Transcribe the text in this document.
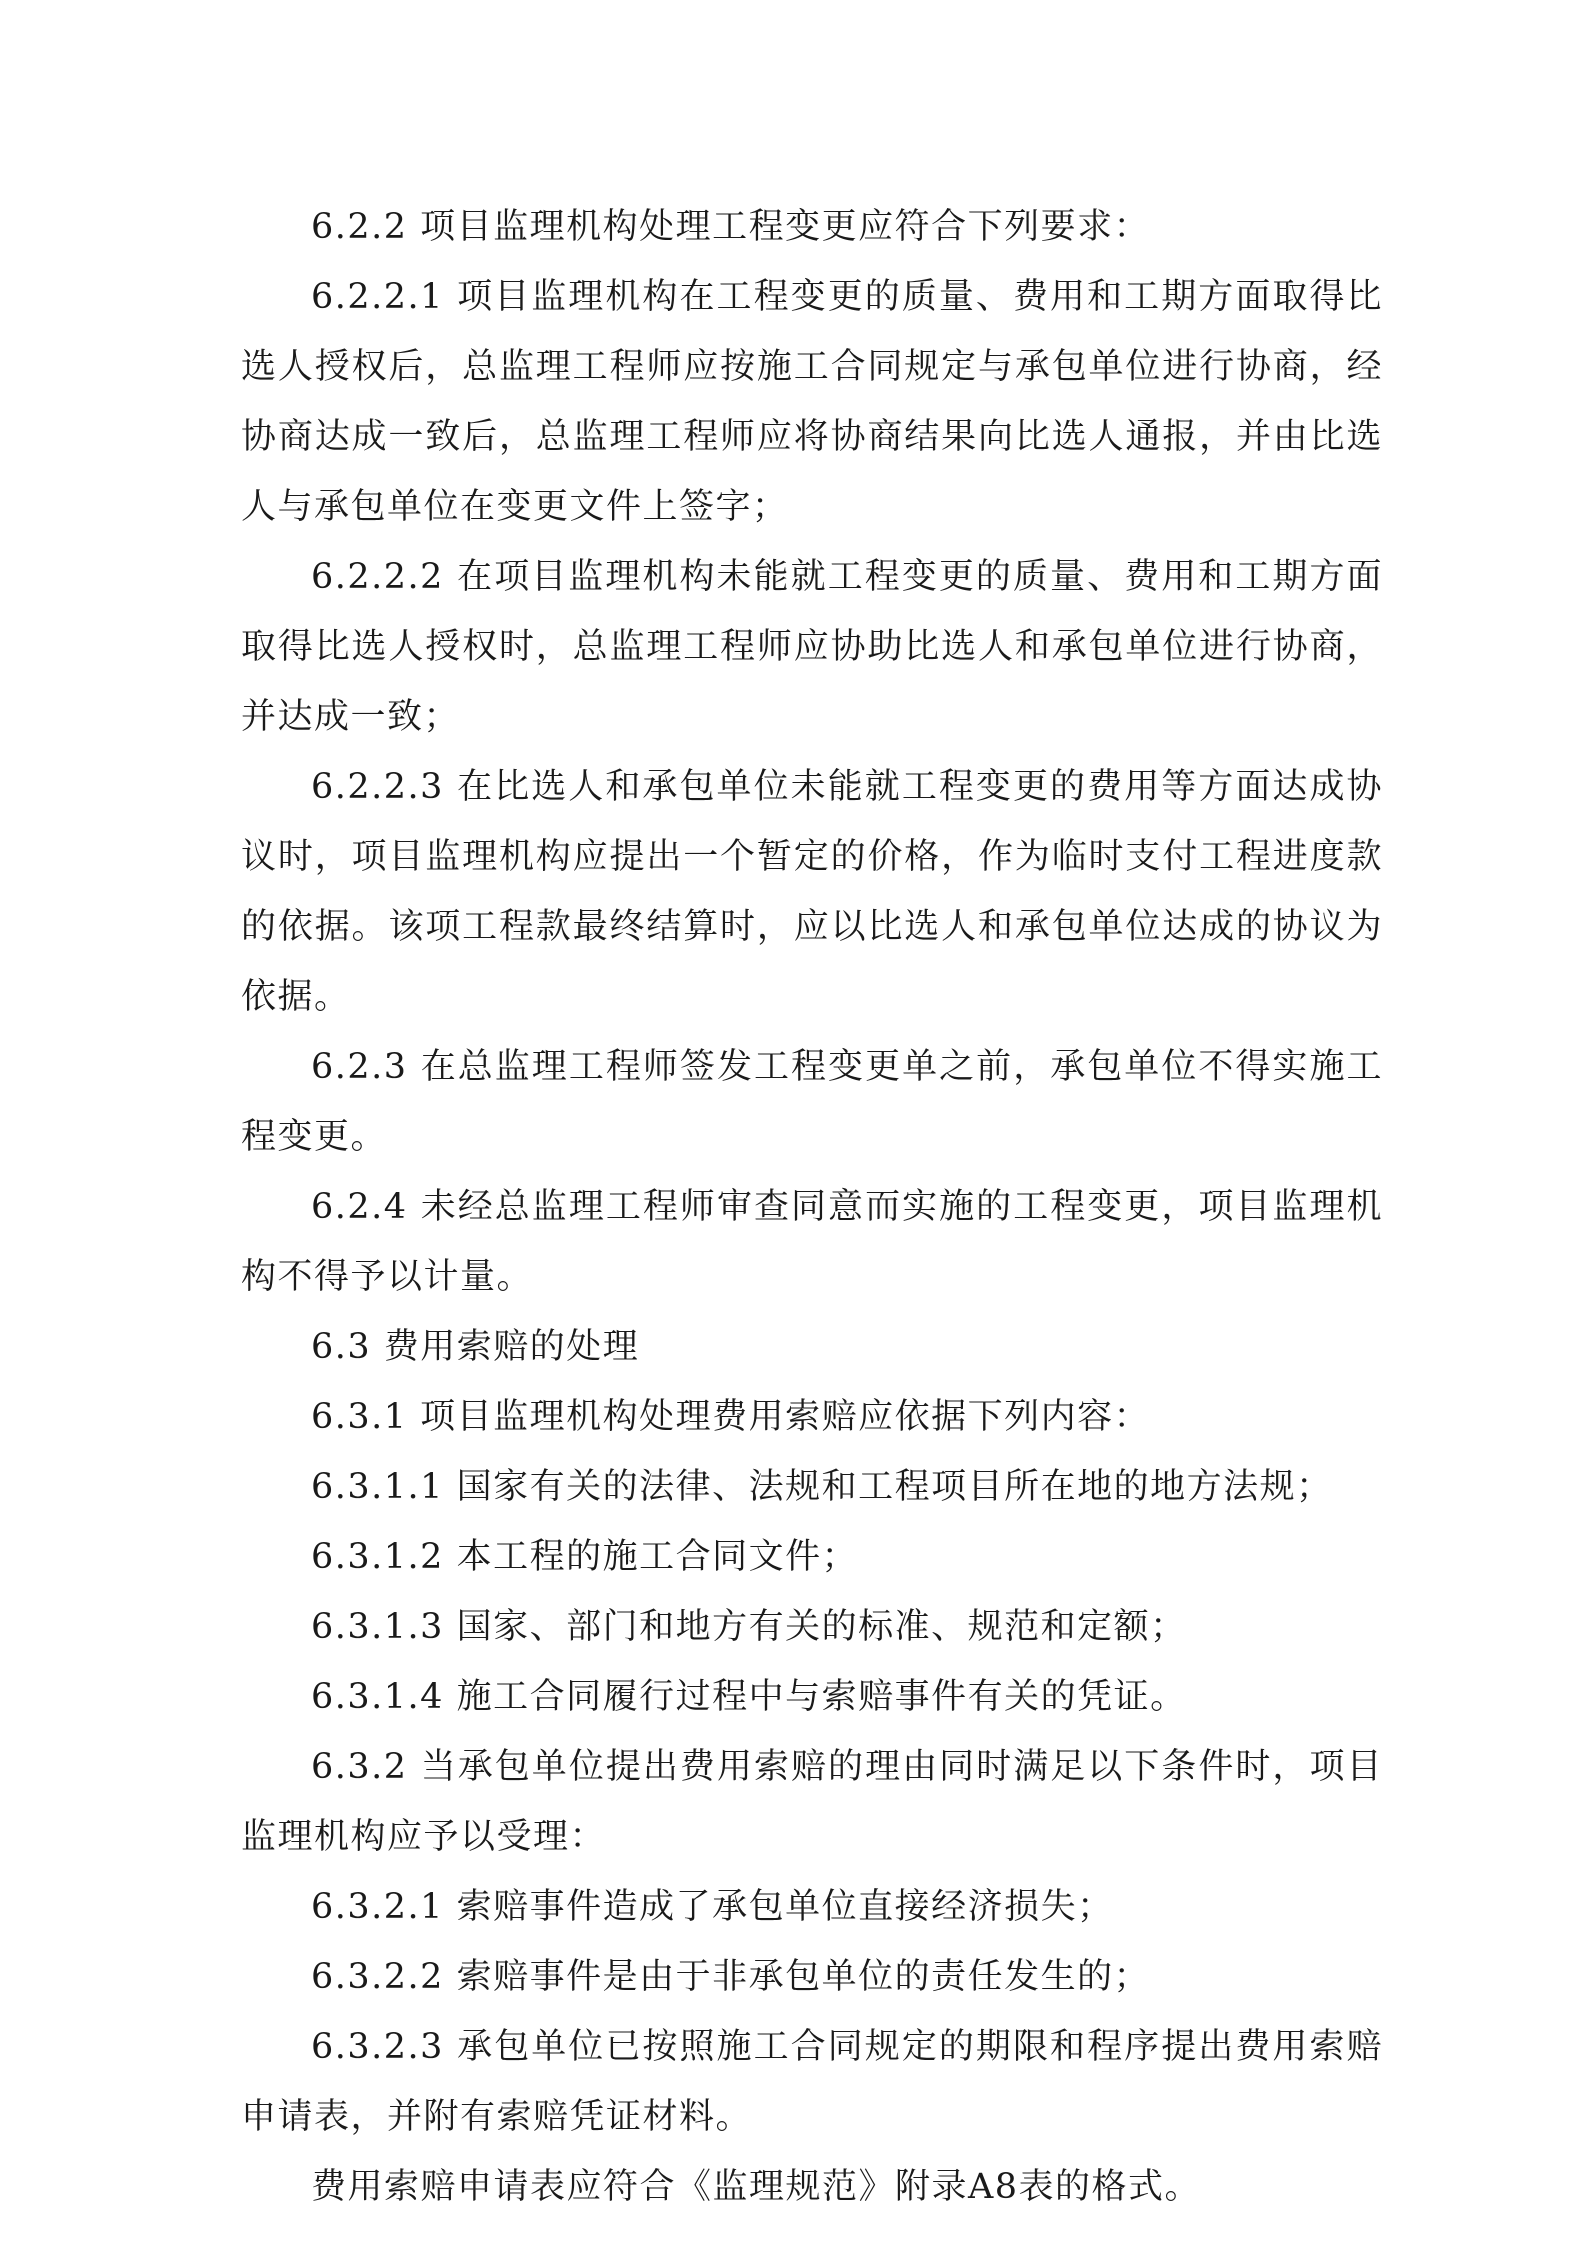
6.2.2 项目监理机构处理工程变更应符合下列要求：

6.2.2.1 项目监理机构在工程变更的质量、费用和工期方面取得比选人授权后，总监理工程师应按施工合同规定与承包单位进行协商，经协商达成一致后，总监理工程师应将协商结果向比选人通报，并由比选人与承包单位在变更文件上签字；

6.2.2.2 在项目监理机构未能就工程变更的质量、费用和工期方面取得比选人授权时，总监理工程师应协助比选人和承包单位进行协商，并达成一致；

6.2.2.3 在比选人和承包单位未能就工程变更的费用等方面达成协议时，项目监理机构应提出一个暂定的价格，作为临时支付工程进度款的依据。该项工程款最终结算时，应以比选人和承包单位达成的协议为依据。

6.2.3 在总监理工程师签发工程变更单之前，承包单位不得实施工程变更。

6.2.4 未经总监理工程师审查同意而实施的工程变更，项目监理机构不得予以计量。

6.3 费用索赔的处理

6.3.1 项目监理机构处理费用索赔应依据下列内容：

6.3.1.1 国家有关的法律、法规和工程项目所在地的地方法规；

6.3.1.2 本工程的施工合同文件；

6.3.1.3 国家、部门和地方有关的标准、规范和定额；

6.3.1.4 施工合同履行过程中与索赔事件有关的凭证。

6.3.2 当承包单位提出费用索赔的理由同时满足以下条件时，项目监理机构应予以受理：

6.3.2.1 索赔事件造成了承包单位直接经济损失；

6.3.2.2 索赔事件是由于非承包单位的责任发生的；

6.3.2.3 承包单位已按照施工合同规定的期限和程序提出费用索赔申请表，并附有索赔凭证材料。

费用索赔申请表应符合《监理规范》附录A8表的格式。
